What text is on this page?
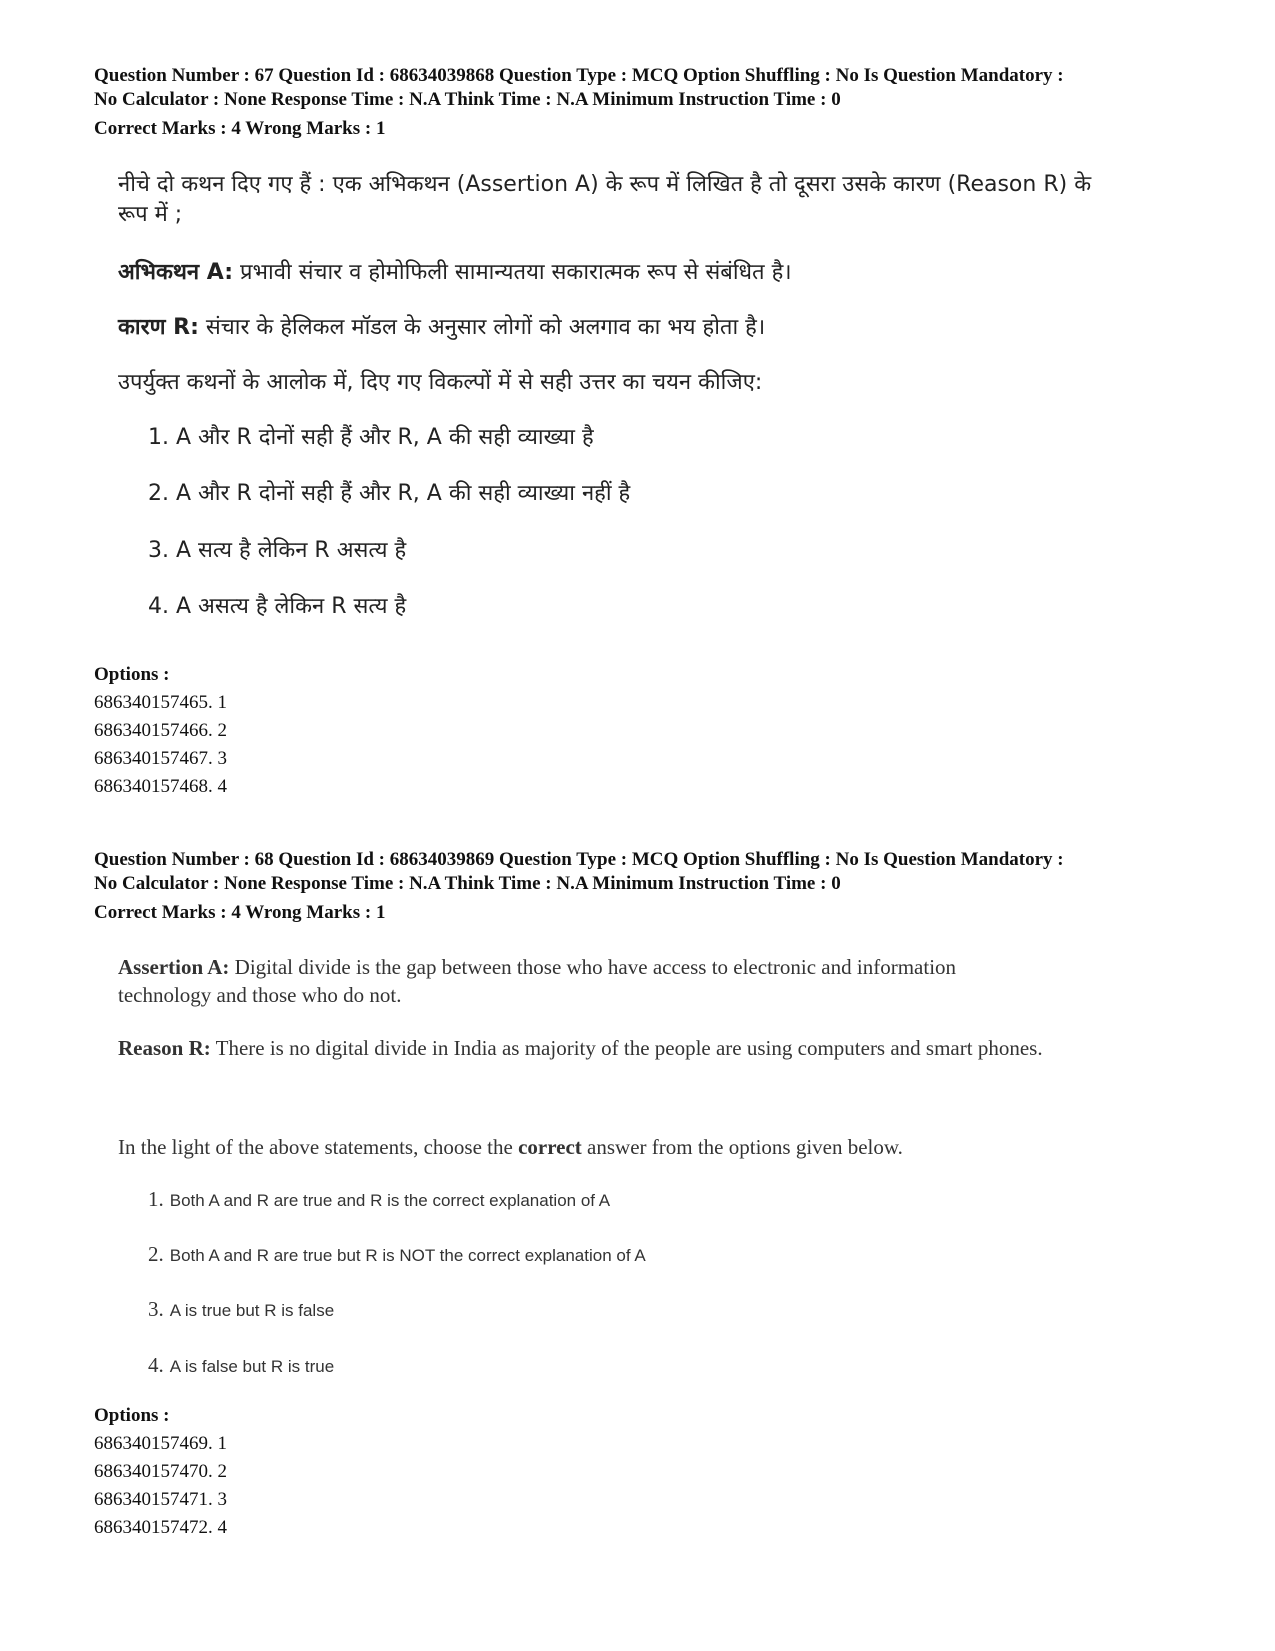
Question Number : 67 Question Id : 68634039868 Question Type : MCQ Option Shuffling : No Is Question Mandatory :
No Calculator : None Response Time : N.A Think Time : N.A Minimum Instruction Time : 0
Correct Marks : 4 Wrong Marks : 1
नीचे दो कथन दिए गए हैं : एक अभिकथन (Assertion A) के रूप में लिखित है तो दूसरा उसके कारण (Reason R) के
रूप में ;
अभिकथन A: प्रभावी संचार व होमोफिली सामान्यतया सकारात्मक रूप से संबंधित है।
कारण R: संचार के हेलिकल मॉडल के अनुसार लोगों को अलगाव का भय होता है।
उपर्युक्त कथनों के आलोक में, दिए गए विकल्पों में से सही उत्तर का चयन कीजिए:
1. A और R दोनों सही हैं और R, A की सही व्याख्या है
2. A और R दोनों सही हैं और R, A की सही व्याख्या नहीं है
3. A सत्य है लेकिन R असत्य है
4. A असत्य है लेकिन R सत्य है
Options :
686340157465. 1
686340157466. 2
686340157467. 3
686340157468. 4
Question Number : 68 Question Id : 68634039869 Question Type : MCQ Option Shuffling : No Is Question Mandatory :
No Calculator : None Response Time : N.A Think Time : N.A Minimum Instruction Time : 0
Correct Marks : 4 Wrong Marks : 1
Assertion A: Digital divide is the gap between those who have access to electronic and information
technology and those who do not.
Reason R: There is no digital divide in India as majority of the people are using computers and smart phones.
In the light of the above statements, choose the correct answer from the options given below.
1. Both A and R are true and R is the correct explanation of A
2. Both A and R are true but R is NOT the correct explanation of A
3. A is true but R is false
4. A is false but R is true
Options :
686340157469. 1
686340157470. 2
686340157471. 3
686340157472. 4
